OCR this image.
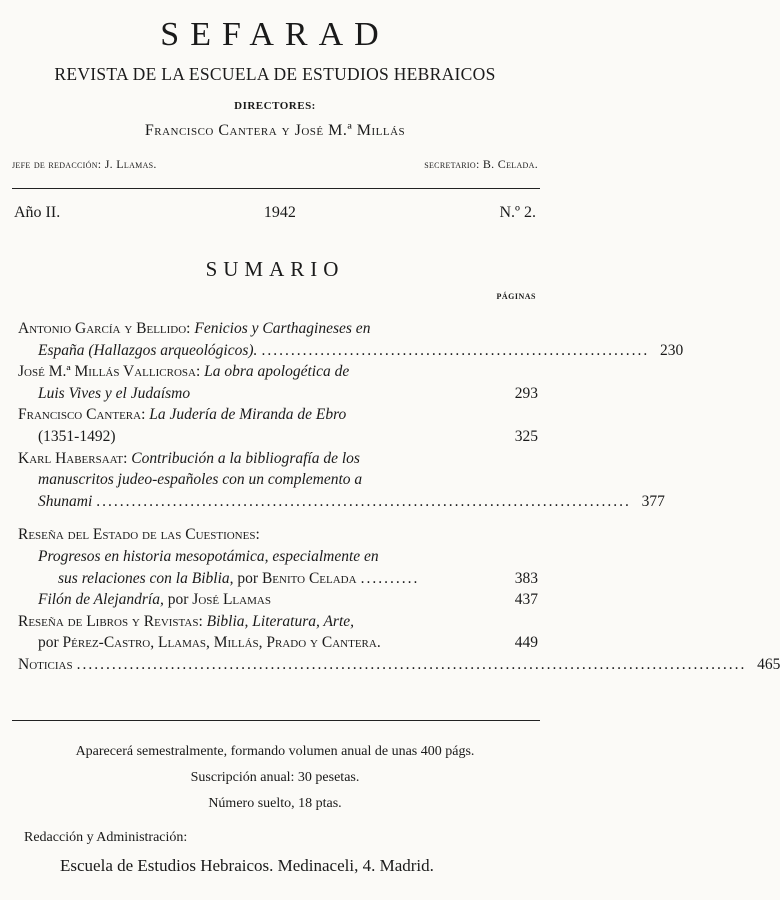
SEFARAD
REVISTA DE LA ESCUELA DE ESTUDIOS HEBRAICOS
DIRECTORES:
Francisco Cantera y José M.ª Millás
jefe de redacción: J. Llamas.	secretario: B. Celada.
Año II.	1942	N.º 2.
SUMARIO
PÁGINAS
Antonio García y Bellido:
Fenicios y Carthagineses en
España (Hallazgos arqueológicos). .................................................................. 230
José M.ª Millás Vallicrosa:
La obra apologética de
Luis Vives y el Judaísmo	293
Francisco Cantera:
La Judería de Miranda de Ebro
(1351-1492)	325
Karl Habersaat:
Contribución a la bibliografía de los
manuscritos judeo-españoles con un complemento a
Shunami ........................................................................................... 377
Reseña del Estado de las Cuestiones:
Progresos en historia mesopotámica, especialmente en
sus relaciones con la Biblia,
por
Benito Celada ..........	383
Filón de Alejandría,
por
José Llamas	437
Reseña de Libros y Revistas:
Biblia, Literatura, Arte,
por
Pérez-Castro, Llamas, Millás, Prado y Cantera.	449
Noticias .................................................................................................................. 465
Aparecerá semestralmente, formando volumen anual de unas 400 págs.
Suscripción anual: 30 pesetas.
Número suelto, 18 ptas.
Redacción y Administración:
Escuela de Estudios Hebraicos. Medinaceli, 4. Madrid.
